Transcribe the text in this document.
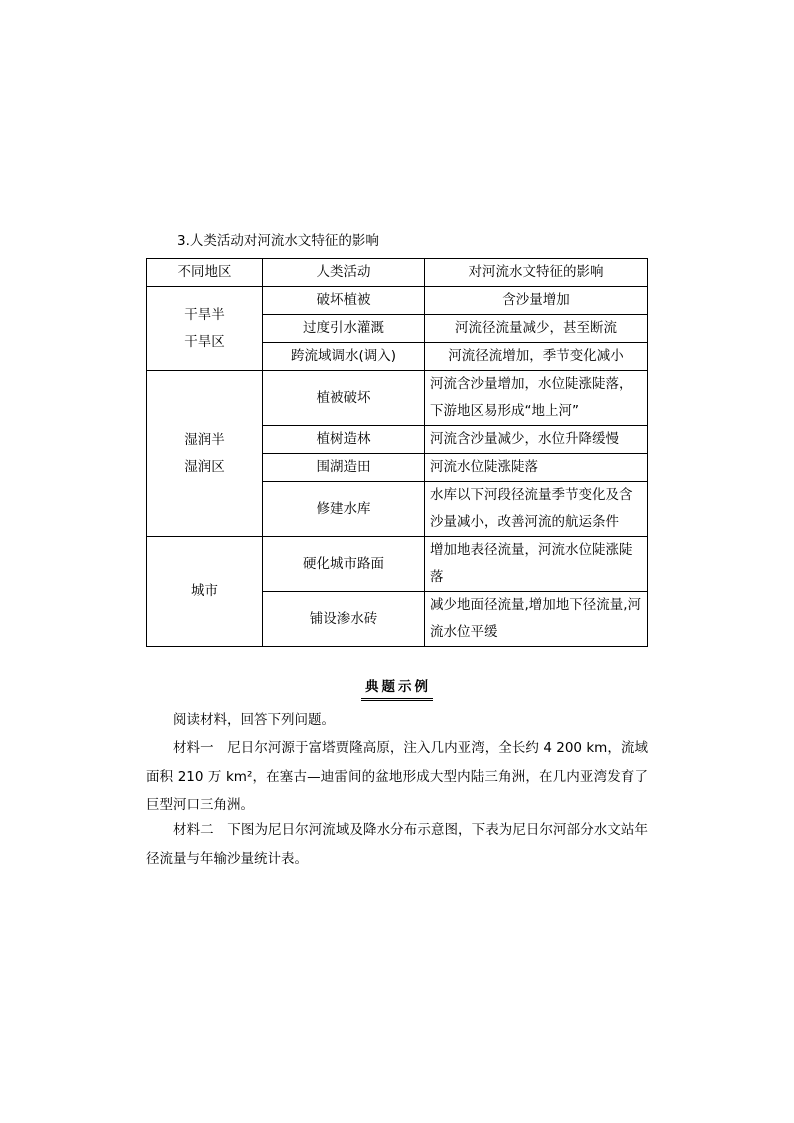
3.人类活动对河流水文特征的影响
不同地区	人类活动	对河流水文特征的影响

干旱半
干旱区	破坏植被	含沙量增加
	过度引水灌溉	河流径流量减少，甚至断流
	跨流域调水(调入)	河流径流增加，季节变化减小

湿润半
湿润区	植被破坏	河流含沙量增加，水位陡涨陡落，下游地区易形成“地上河”
	植树造林	河流含沙量减少，水位升降缓慢
	围湖造田	河流水位陡涨陡落
	修建水库	水库以下河段径流量季节变化及含沙量减小，改善河流的航运条件

城市	硬化城市路面	增加地表径流量，河流水位陡涨陡落
	铺设渗水砖	减少地面径流量,增加地下径流量,河流水位平缓
典题示例
阅读材料，回答下列问题。
材料一　尼日尔河源于富塔贾隆高原，注入几内亚湾，全长约 4 200 km，流域面积 210 万 km²，在塞古—迪雷间的盆地形成大型内陆三角洲，在几内亚湾发育了巨型河口三角洲。
材料二　下图为尼日尔河流域及降水分布示意图，下表为尼日尔河部分水文站年径流量与年输沙量统计表。
